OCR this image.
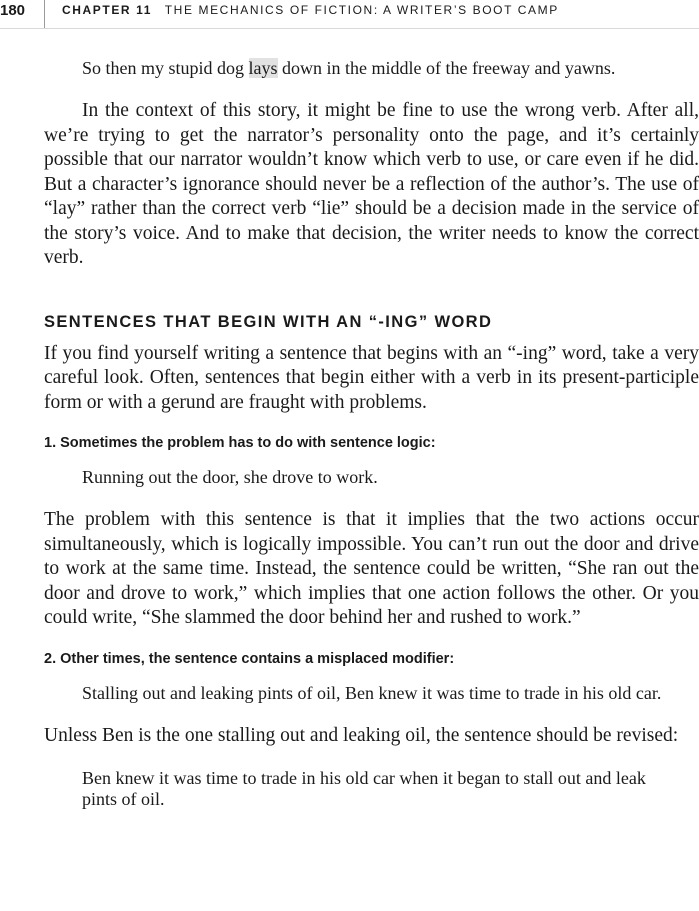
180	CHAPTER 11 THE MECHANICS OF FICTION: A WRITER’S BOOT CAMP

So then my stupid dog lays down in the middle of the freeway and yawns.

In the context of this story, it might be fine to use the wrong verb. After all, we’re trying to get the narrator’s personality onto the page, and it’s certainly possible that our narrator wouldn’t know which verb to use, or care even if he did. But a character’s ignorance should never be a reflection of the author’s. The use of “lay” rather than the correct verb “lie” should be a decision made in the service of the story’s voice. And to make that decision, the writer needs to know the correct verb.

SENTENCES THAT BEGIN WITH AN “-ING” WORD

If you find yourself writing a sentence that begins with an “-ing” word, take a very careful look. Often, sentences that begin either with a verb in its present-participle form or with a gerund are fraught with problems.

1. Sometimes the problem has to do with sentence logic:

Running out the door, she drove to work.

The problem with this sentence is that it implies that the two actions occur simultaneously, which is logically impossible. You can’t run out the door and drive to work at the same time. Instead, the sentence could be written, “She ran out the door and drove to work,” which implies that one action follows the other. Or you could write, “She slammed the door behind her and rushed to work.”

2. Other times, the sentence contains a misplaced modifier:

Stalling out and leaking pints of oil, Ben knew it was time to trade in his old car.

Unless Ben is the one stalling out and leaking oil, the sentence should be revised:

Ben knew it was time to trade in his old car when it began to stall out and leak pints of oil.
